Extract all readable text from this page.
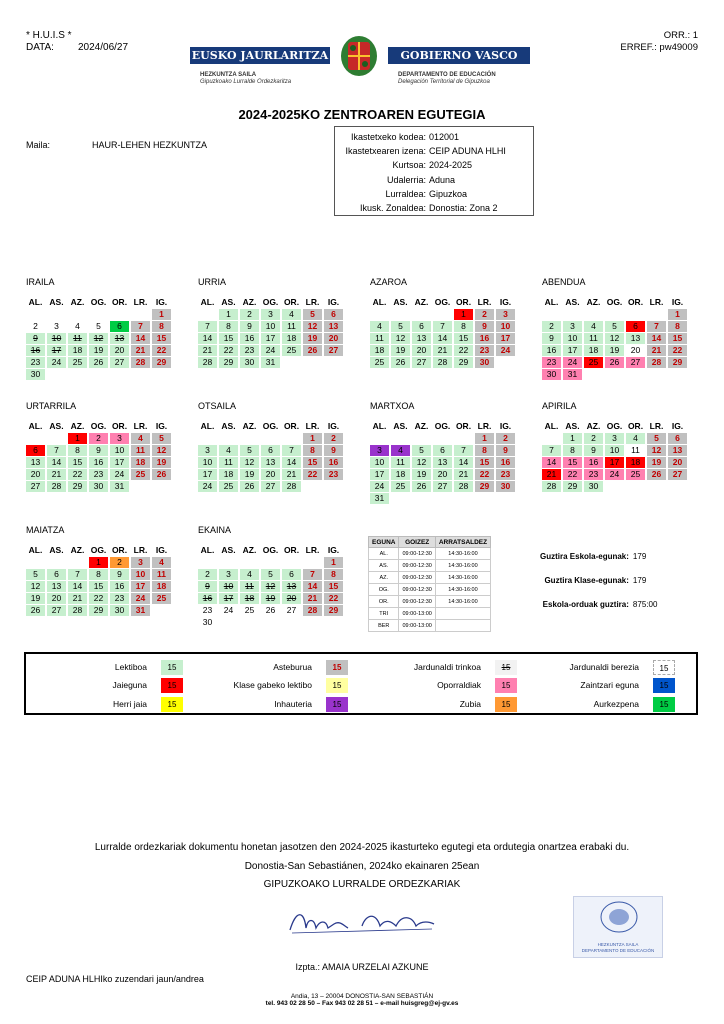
* H.U.I.S *
DATA: 2024/06/27
ORR.: 1
ERREF.: pw49009
EUSKO JAURLARITZA	GOBIERNO VASCO
HEZKUNTZA SAILA
Gipuzkoako Lurralde Ordezkaritza
DEPARTAMENTO DE EDUCACIÓN
Delegación Territorial de Gipuzkoa
2024-2025KO ZENTROAREN EGUTEGIA
Maila:	HAUR-LEHEN HEZKUNTZA
Ikastetxeko kodea: 012001
Ikastetxearen izena: CEIP ADUNA HLHI
Kurtsoa: 2024-2025
Udalerria: Aduna
Lurraldea: Gipuzkoa
Ikusk. Zonaldea: Donostia: Zona 2
IRAILA
AL.	AS.	AZ.	OG.	OR.	LR.	IG.
						1
2	3	4	5	6	7	8
9	10	11	12	13	14	15
16	17	18	19	20	21	22
23	24	25	26	27	28	29
30						
URRIA
AL.	AS.	AZ.	OG.	OR.	LR.	IG.
	1	2	3	4	5	6
7	8	9	10	11	12	13
14	15	16	17	18	19	20
21	22	23	24	25	26	27
28	29	30	31			
AZAROA
AL.	AS.	AZ.	OG.	OR.	LR.	IG.
				1	2	3
4	5	6	7	8	9	10
11	12	13	14	15	16	17
18	19	20	21	22	23	24
25	26	27	28	29	30	
ABENDUA
AL.	AS.	AZ.	OG.	OR.	LR.	IG.
						1
2	3	4	5	6	7	8
9	10	11	12	13	14	15
16	17	18	19	20	21	22
23	24	25	26	27	28	29
30	31					
URTARRILA
AL.	AS.	AZ.	OG.	OR.	LR.	IG.
		1	2	3	4	5
6	7	8	9	10	11	12
13	14	15	16	17	18	19
20	21	22	23	24	25	26
27	28	29	30	31		
OTSAILA
AL.	AS.	AZ.	OG.	OR.	LR.	IG.
					1	2
3	4	5	6	7	8	9
10	11	12	13	14	15	16
17	18	19	20	21	22	23
24	25	26	27	28		
MARTXOA
AL.	AS.	AZ.	OG.	OR.	LR.	IG.
					1	2
3	4	5	6	7	8	9
10	11	12	13	14	15	16
17	18	19	20	21	22	23
24	25	26	27	28	29	30
31						
APIRILA
AL.	AS.	AZ.	OG.	OR.	LR.	IG.
	1	2	3	4	5	6
7	8	9	10	11	12	13
14	15	16	17	18	19	20
21	22	23	24	25	26	27
28	29	30				
MAIATZA
AL.	AS.	AZ.	OG.	OR.	LR.	IG.
			1	2	3	4
5	6	7	8	9	10	11
12	13	14	15	16	17	18
19	20	21	22	23	24	25
26	27	28	29	30	31	
EKAINA
AL.	AS.	AZ.	OG.	OR.	LR.	IG.
						1
2	3	4	5	6	7	8
9	10	11	12	13	14	15
16	17	18	19	20	21	22
23	24	25	26	27	28	29
30						
EGUNA	GOIZEZ	ARRATSALDEZ
AL.	09:00-12:30	14:30-16:00
AS.	09:00-12:30	14:30-16:00
AZ.	09:00-12:30	14:30-16:00
OG.	09:00-12:30	14:30-16:00
OR.	09:00-12:30	14:30-16:00
TRI	09:00-13:00	
BER	09:00-13:00	
Guztira Eskola-egunak: 179
Guztira Klase-egunak: 179
Eskola-orduak guztira: 875:00
Lektiboa	15	Asteburua	15	Jardunaldi trinkoa	15	Jardunaldi berezia	15
Jaieguna	15	Klase gabeko lektibo	15	Oporraldiak	15	Zaintzari eguna	15
Herri jaia	15	Inhauteria	15	Zubia	15	Aurkezpena	15
Lurralde ordezkariak dokumentu honetan jasotzen den 2024-2025 ikasturteko egutegi eta ordutegia onartzea erabaki du.
Donostia-San Sebastiánen, 2024ko ekainaren 25ean
GIPUZKOAKO LURRALDE ORDEZKARIAK
HEZKUNTZA SAILA
DEPARTAMENTO DE EDUCACIÓN
Izpta.: AMAIA URZELAI AZKUNE
CEIP ADUNA HLHIko zuzendari jaun/andrea
Andia, 13 – 20004 DONOSTIA-SAN SEBASTIÁN
tel. 943 02 28 50 – Fax 943 02 28 51 – e-mail huisgreg@ej-gv.es
